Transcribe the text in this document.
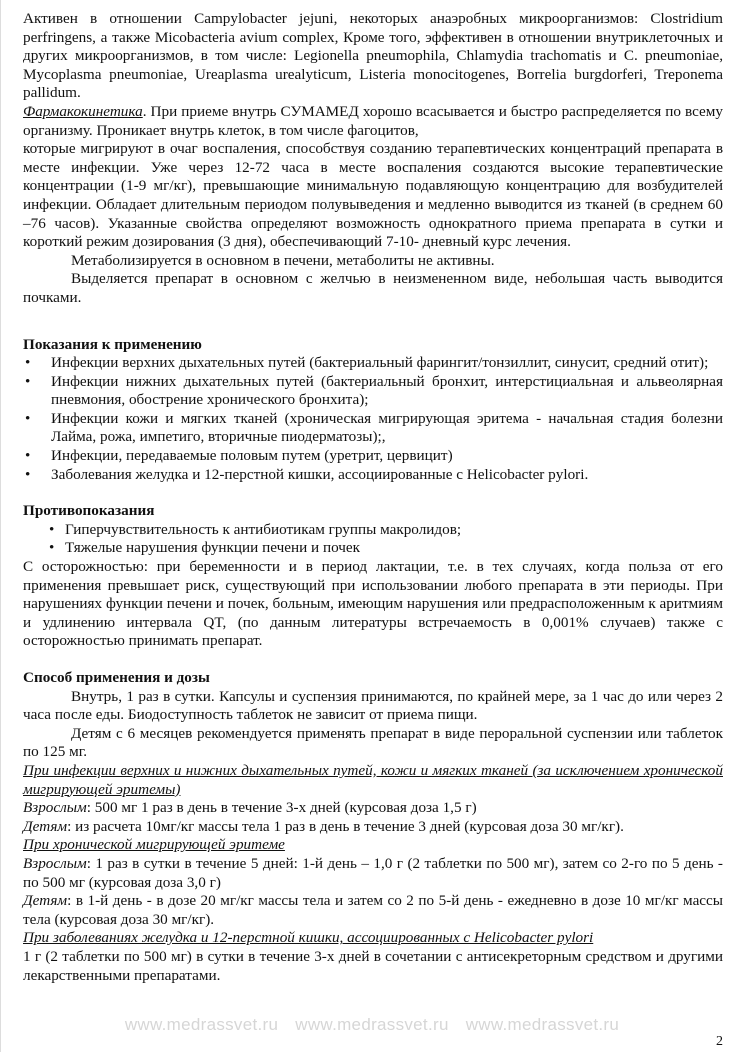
Активен в отношении Campylobacter jejuni, некоторых анаэробных микроорганизмов: Clostridium perfringens, а также Micobacteria avium complex, Кроме того, эффективен в отношении внутриклеточных и других микроорганизмов, в том числе: Legionella pneumophila, Chlamydia trachomatis и C. pneumoniae, Mycoplasma pneumoniae, Ureaplasma urealyticum, Listeria monocitogenes, Borrelia burgdorferi, Treponema pallidum.

Фармакокинетика. При приеме внутрь СУМАМЕД хорошо всасывается и быстро распределяется по всему организму. Проникает внутрь клеток, в том числе фагоцитов,

которые мигрируют в очаг воспаления, способствуя созданию терапевтических концентраций препарата в месте инфекции. Уже через 12-72 часа в месте воспаления создаются высокие терапевтические концентрации (1-9 мг/кг), превышающие минимальную подавляющую концентрацию для возбудителей инфекции. Обладает длительным периодом полувыведения и медленно выводится из тканей (в среднем 60 –76 часов). Указанные свойства определяют возможность однократного приема препарата в сутки и короткий режим дозирования (3 дня), обеспечивающий 7-10- дневный курс лечения.

Метаболизируется в основном в печени, метаболиты не активны.

Выделяется препарат в основном с желчью в неизмененном виде, небольшая часть выводится почками.

Показания к применению

• Инфекции верхних дыхательных путей (бактериальный фарингит/тонзиллит, синусит, средний отит);
• Инфекции нижних дыхательных путей (бактериальный бронхит, интерстициальная и альвеолярная пневмония, обострение хронического бронхита);
• Инфекции кожи и мягких тканей (хроническая мигрирующая эритема - начальная стадия болезни Лайма, рожа, импетиго, вторичные пиодерматозы);,
• Инфекции, передаваемые половым путем (уретрит, цервицит)
• Заболевания желудка и 12-перстной кишки, ассоциированные с Helicobacter pylori.

Противопоказания

• Гиперчувствительность к антибиотикам группы макролидов;
• Тяжелые нарушения функции печени и почек

С осторожностью: при беременности и в период лактации, т.е. в тех случаях, когда польза от его применения превышает риск, существующий при использовании любого препарата в эти периоды. При нарушениях функции печени и почек, больным, имеющим нарушения или предрасположенным к аритмиям и удлинению интервала QT, (по данным литературы встречаемость в 0,001% случаев) также с осторожностью принимать препарат.

Способ применения и дозы

Внутрь, 1 раз в сутки. Капсулы и суспензия принимаются, по крайней мере, за 1 час до или через 2 часа после еды. Биодоступность таблеток не зависит от приема пищи.

Детям с 6 месяцев рекомендуется применять препарат в виде пероральной суспензии или таблеток по 125 мг.

При инфекции верхних и нижних дыхательных путей, кожи и мягких тканей (за исключением хронической мигрирующей эритемы)

Взрослым: 500 мг 1 раз в день в течение 3-х дней (курсовая доза 1,5 г)

Детям: из расчета 10мг/кг массы тела 1 раз в день в течение 3 дней (курсовая доза 30 мг/кг).

При хронической мигрирующей эритеме

Взрослым: 1 раз в сутки в течение 5 дней: 1-й день – 1,0 г (2 таблетки по 500 мг), затем со 2-го по 5 день - по 500 мг (курсовая доза 3,0 г)

Детям: в 1-й день - в дозе 20 мг/кг массы тела и затем со 2 по 5-й день - ежедневно в дозе 10 мг/кг массы тела (курсовая доза 30 мг/кг).

При заболеваниях желудка и 12-перстной кишки, ассоциированных с Helicobacter pylori

1 г (2 таблетки по 500 мг) в сутки в течение 3-х дней в сочетании с антисекреторным средством и другими лекарственными препаратами.

www.medrassvet.ru www.medrassvet.ru www.medrassvet.ru
2
